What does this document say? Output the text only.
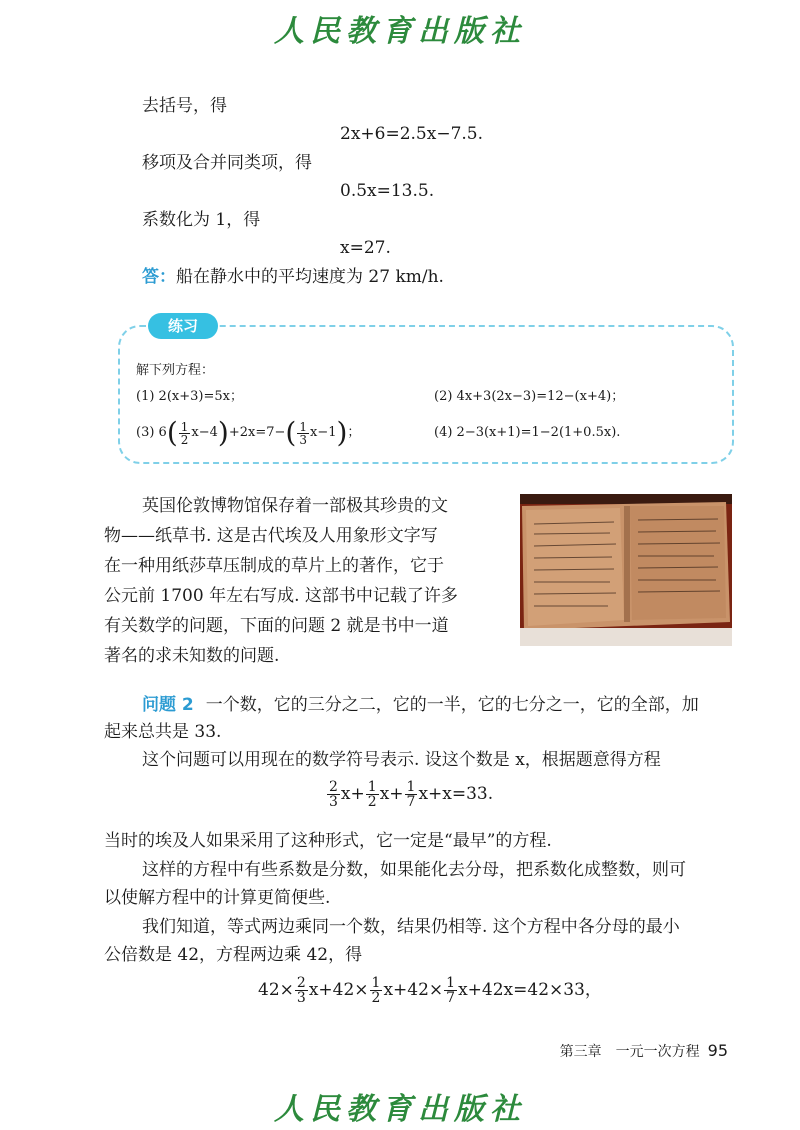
人民教育出版社
去括号，得
2x+6=2.5x−7.5.
移项及合并同类项，得
0.5x=13.5.
系数化为 1，得
x=27.
答：船在静水中的平均速度为 27 km/h.
练习
解下列方程：
(1) 2(x+3)=5x；	(2) 4x+3(2x−3)=12−(x+4)；
(3) 6 ( $\frac{1}{2} x-4$ ) +2x=7− ( $\frac{1}{3} x-1$ ) ；	(4) 2−3(x+1)=1−2(1+0.5x).
英国伦敦博物馆保存着一部极其珍贵的文
物——纸草书. 这是古代埃及人用象形文字写
在一种用纸莎草压制成的草片上的著作，它于
公元前 1700 年左右写成. 这部书中记载了许多
有关数学的问题，下面的问题 2 就是书中一道
著名的求未知数的问题.
问题 2 一个数，它的三分之二，它的一半，它的七分之一，它的全部，加
起来总共是 33.
这个问题可以用现在的数学符号表示. 设这个数是 x，根据题意得方程
$\frac{2}{3} x+ \frac{1}{2} x+ \frac{1}{7} x+x=33$.
当时的埃及人如果采用了这种形式，它一定是“最早”的方程.
这样的方程中有些系数是分数，如果能化去分母，把系数化成整数，则可
以使解方程中的计算更简便些.
我们知道，等式两边乘同一个数，结果仍相等. 这个方程中各分母的最小
公倍数是 42，方程两边乘 42，得
$42\times \frac{2}{3} x+42\times \frac{1}{2} x+42\times \frac{1}{7} x+42x=42\times 33$，
第三章　一元一次方程 95
人民教育出版社
